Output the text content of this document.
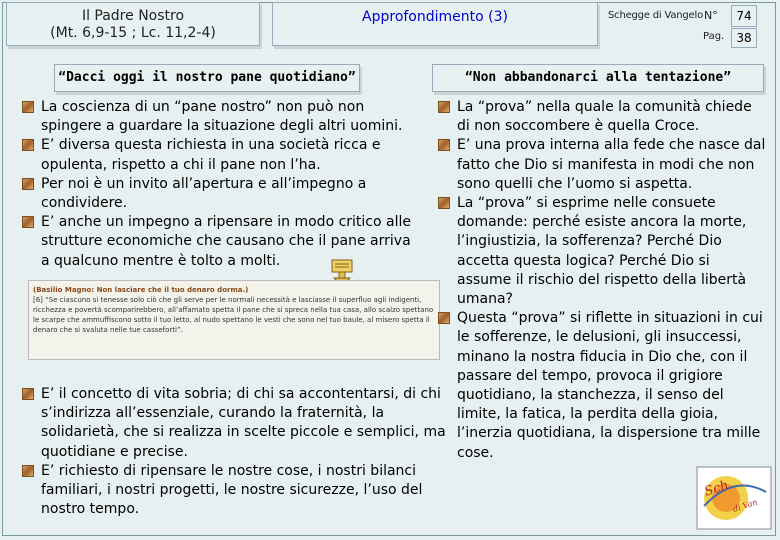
Il Padre Nostro
(Mt. 6,9-15 ; Lc. 11,2-4)
Approfondimento (3)	Schegge di Vangelo N°	74
Pag.	38
“Dacci oggi il nostro pane quotidiano”	“Non abbandonarci alla tentazione”
La coscienza di un “pane nostro” non può non spingere a guardare la situazione degli altri uomini.
E’ diversa questa richiesta in una società ricca e opulenta, rispetto a chi il pane non l’ha.
Per noi è un invito all’apertura e all’impegno a condividere.
E’ anche un impegno a ripensare in modo critico alle strutture economiche che causano che il pane arriva a qualcuno mentre è tolto a molti.
(Basilio Magno: Non lasciare che il tuo denaro dorma.)
[6] “Se ciascuno si tenesse solo ciò che gli serve per le normali necessità e lasciasse il superfluo agli indigenti, ricchezza e povertà scomparirebbero, all’affamato spetta il pane che si spreca nella tua casa, allo scalzo spettano le scarpe che ammuffiscono sotto il tuo letto, al nudo spettano le vesti che sono nel tuo baule, al misero spetta il denaro che si svaluta nelle tue casseforti”.
E’ il concetto di vita sobria; di chi sa accontentarsi, di chi s’indirizza all’essenziale, curando la fraternità, la solidarietà, che si realizza in scelte piccole e semplici, ma quotidiane e precise.
E’ richiesto di ripensare le nostre cose, i nostri bilanci familiari, i nostri progetti, le nostre sicurezze, l’uso del nostro tempo.
La “prova” nella quale la comunità chiede di non soccombere è quella Croce.
E’ una prova interna alla fede che nasce dal fatto che Dio si manifesta in modi che non sono quelli che l’uomo si aspetta.
La “prova” si esprime nelle consuete domande: perché esiste ancora la morte, l’ingiustizia, la sofferenza? Perché Dio accetta questa logica? Perché Dio si assume il rischio del rispetto della libertà umana?
Questa “prova” si riflette in situazioni in cui le sofferenze, le delusioni, gli insuccessi, minano la nostra fiducia in Dio che, con il passare del tempo, provoca il grigiore quotidiano, la stanchezza, il senso del limite, la fatica, la perdita della gioia, l’inerzia quotidiana, la dispersione tra mille cose.
Sch
di Van
